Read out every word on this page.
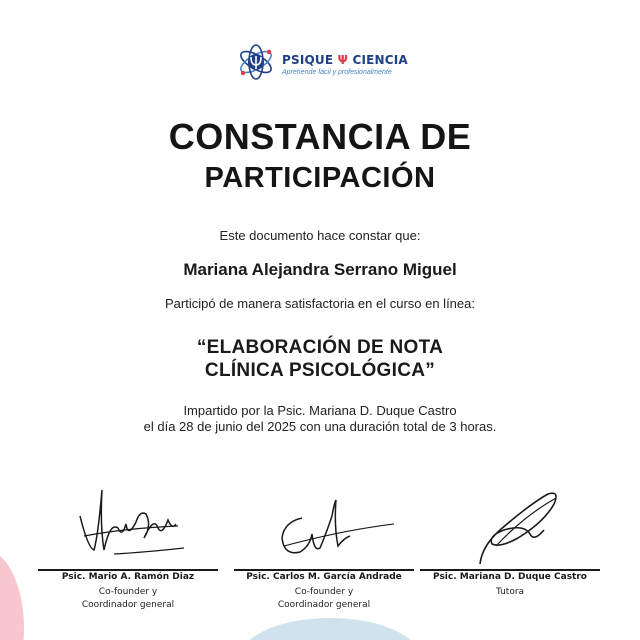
PSIQUE Ψ CIENCIA
Aprehende fácil y profesionalmente
CONSTANCIA DE
PARTICIPACIÓN
Este documento hace constar que:
Mariana Alejandra Serrano Miguel
Participó de manera satisfactoria en el curso en línea:
“ELABORACIÓN DE NOTA
CLÍNICA PSICOLÓGICA”
Impartido por la Psic. Mariana D. Duque Castro
el día 28 de junio del 2025 con una duración total de 3 horas.
Psic. Mario A. Ramón Diaz
Co-founder y
Coordinador general
Psic. Carlos M. García Andrade
Co-founder y
Coordinador general
Psic. Mariana D. Duque Castro
Tutora
